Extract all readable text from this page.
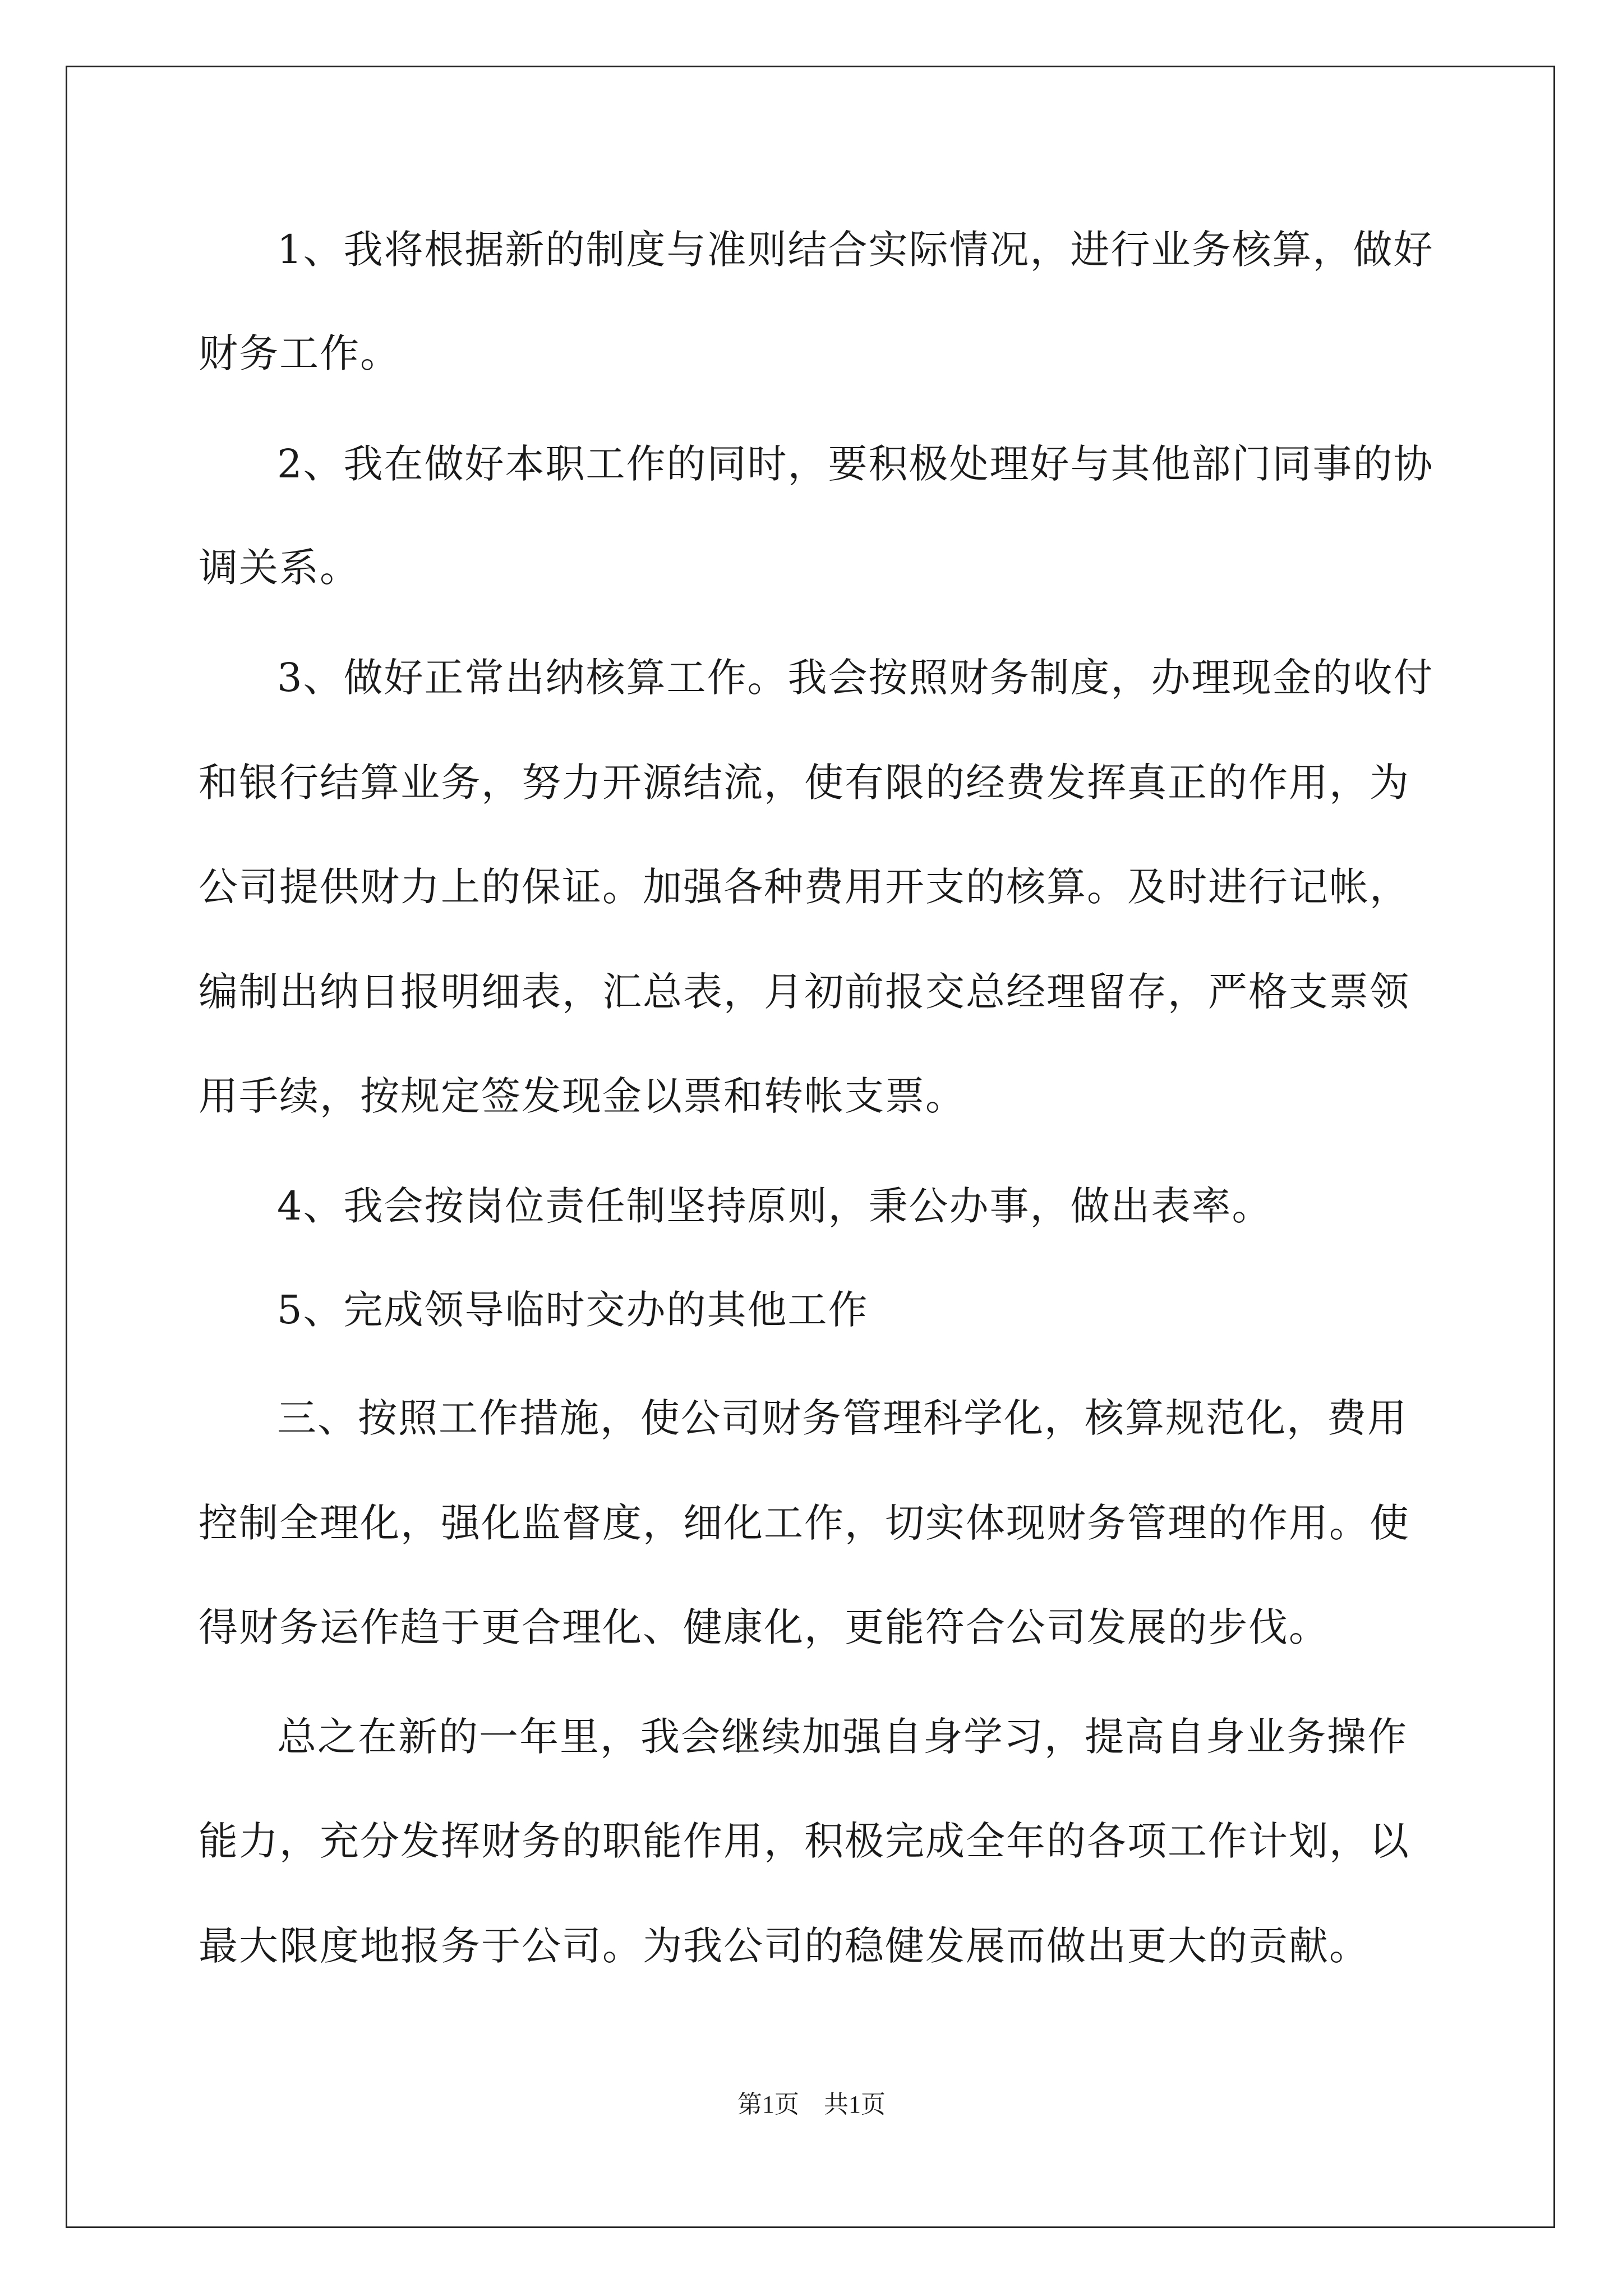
1、我将根据新的制度与准则结合实际情况，进行业务核算，做好
财务工作。
2、我在做好本职工作的同时，要积极处理好与其他部门同事的协
调关系。
3、做好正常出纳核算工作。我会按照财务制度，办理现金的收付
和银行结算业务，努力开源结流，使有限的经费发挥真正的作用，为
公司提供财力上的保证。加强各种费用开支的核算。及时进行记帐，
编制出纳日报明细表，汇总表，月初前报交总经理留存，严格支票领
用手续，按规定签发现金以票和转帐支票。
4、我会按岗位责任制坚持原则，秉公办事，做出表率。
5、完成领导临时交办的其他工作
三、按照工作措施，使公司财务管理科学化，核算规范化，费用
控制全理化，强化监督度，细化工作，切实体现财务管理的作用。使
得财务运作趋于更合理化、健康化，更能符合公司发展的步伐。
总之在新的一年里，我会继续加强自身学习，提高自身业务操作
能力，充分发挥财务的职能作用，积极完成全年的各项工作计划，以
最大限度地报务于公司。为我公司的稳健发展而做出更大的贡献。
第1页　共1页
